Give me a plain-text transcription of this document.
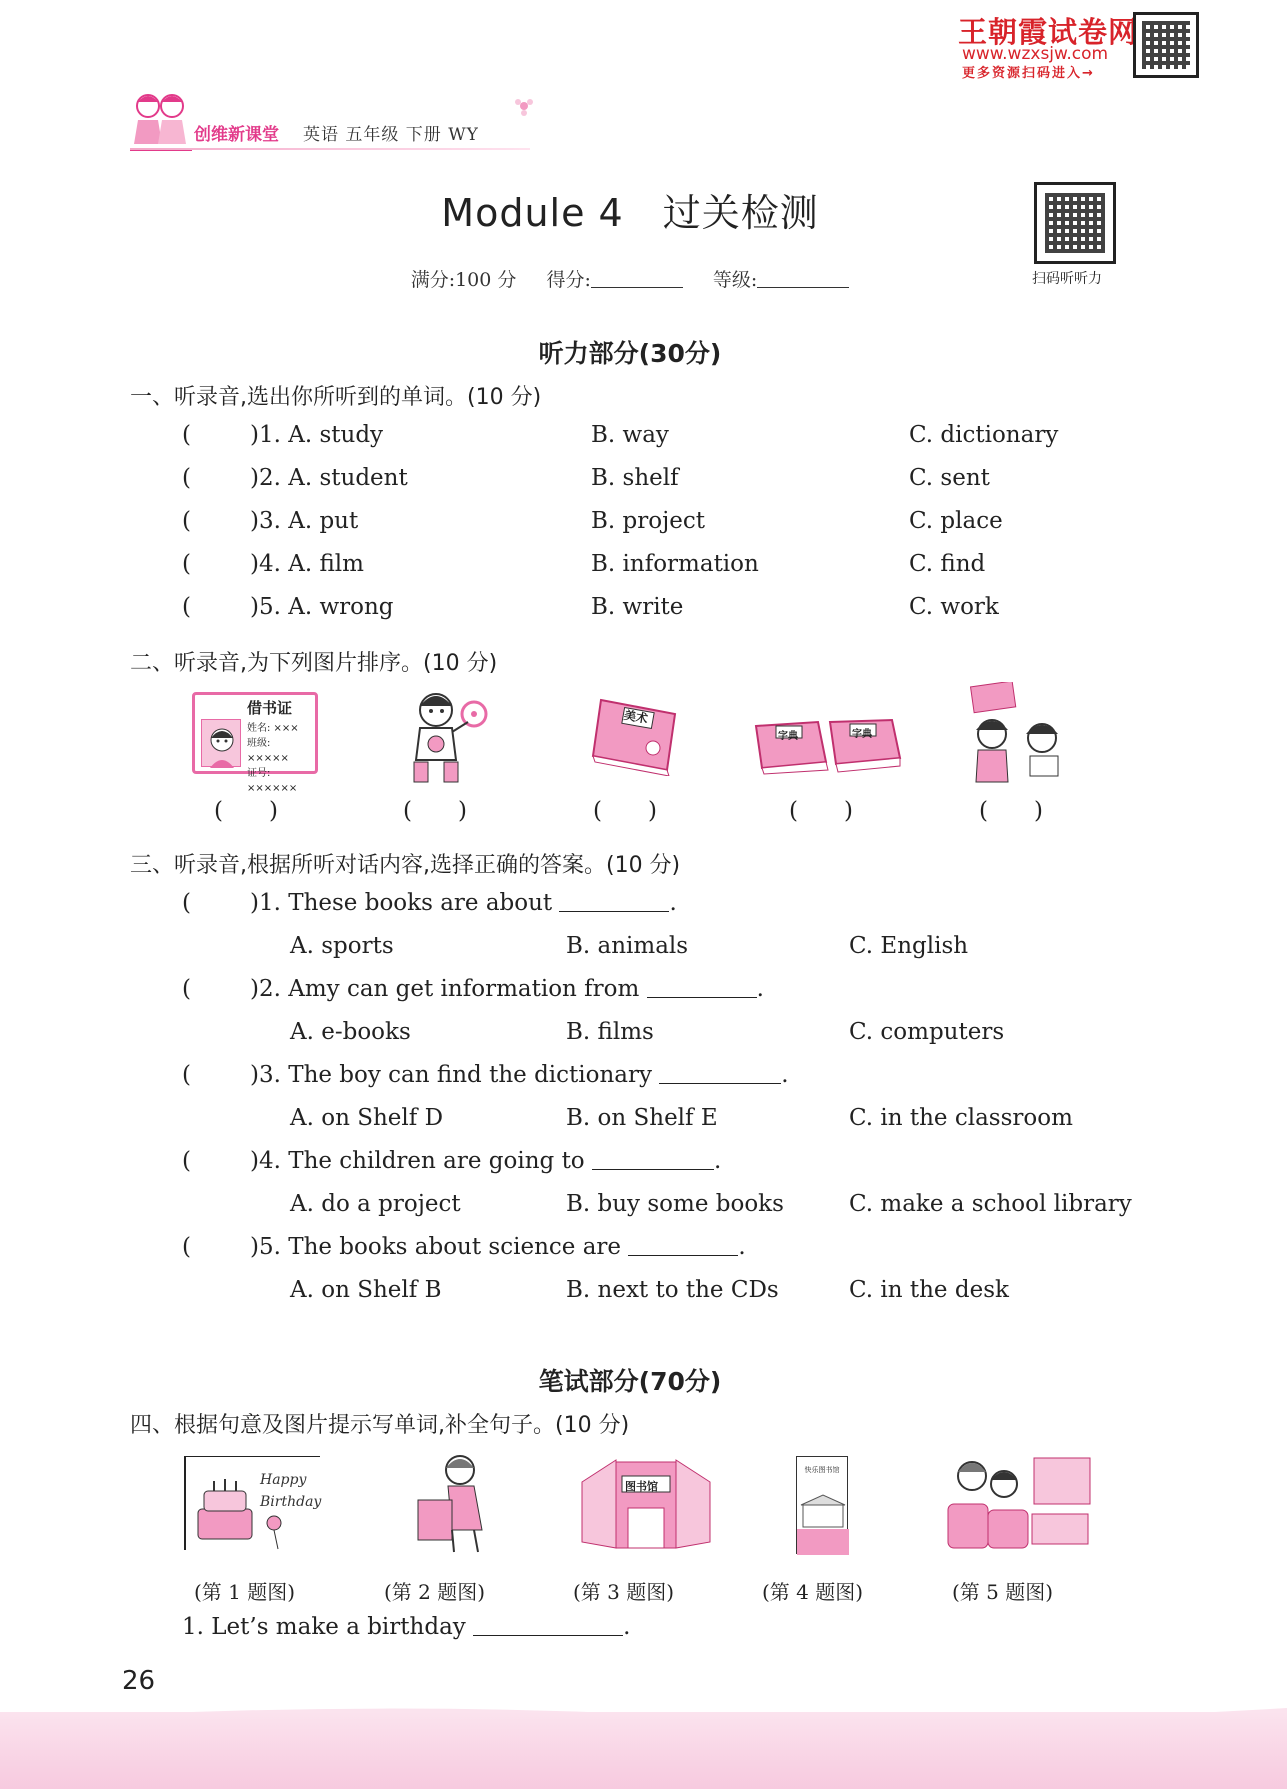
王朝霞试卷网
www.wzxsjw.com
更多资源扫码进入→
创维新课堂 英语 五年级 下册 WY
Module 4　过关检测
扫码听听力
满分:100 分 得分:	等级:
听力部分(30分)
一、听录音,选出你所听到的单词。(10 分)
(	)1. A. study	B. way	C. dictionary
(	)2. A. student	B. shelf	C. sent
(	)3. A. put	B. project	C. place
(	)4. A. film	B. information	C. find
(	)5. A. wrong	B. write	C. work
二、听录音,为下列图片排序。(10 分)
借书证
姓名: ×××
班级: ×××××
证号: ××××××
美术
字典	字典
(　　)	(　　)	(　　)	(　　)	(　　)
三、听录音,根据所听对话内容,选择正确的答案。(10 分)
(	)1. These books are about	.
A. sports	B. animals	C. English
(	)2. Amy can get information from	.
A. e-books	B. films	C. computers
(	)3. The boy can find the dictionary	.
A. on Shelf D	B. on Shelf E	C. in the classroom
(	)4. The children are going to	.
A. do a project	B. buy some books	C. make a school library
(	)5. The books about science are	.
A. on Shelf B	B. next to the CDs	C. in the desk
笔试部分(70分)
四、根据句意及图片提示写单词,补全句子。(10 分)
Happy Birthday
图书馆
快乐图书馆
(第 1 题图)	(第 2 题图)	(第 3 题图)	(第 4 题图)	(第 5 题图)
1. Let’s make a birthday	.
26
